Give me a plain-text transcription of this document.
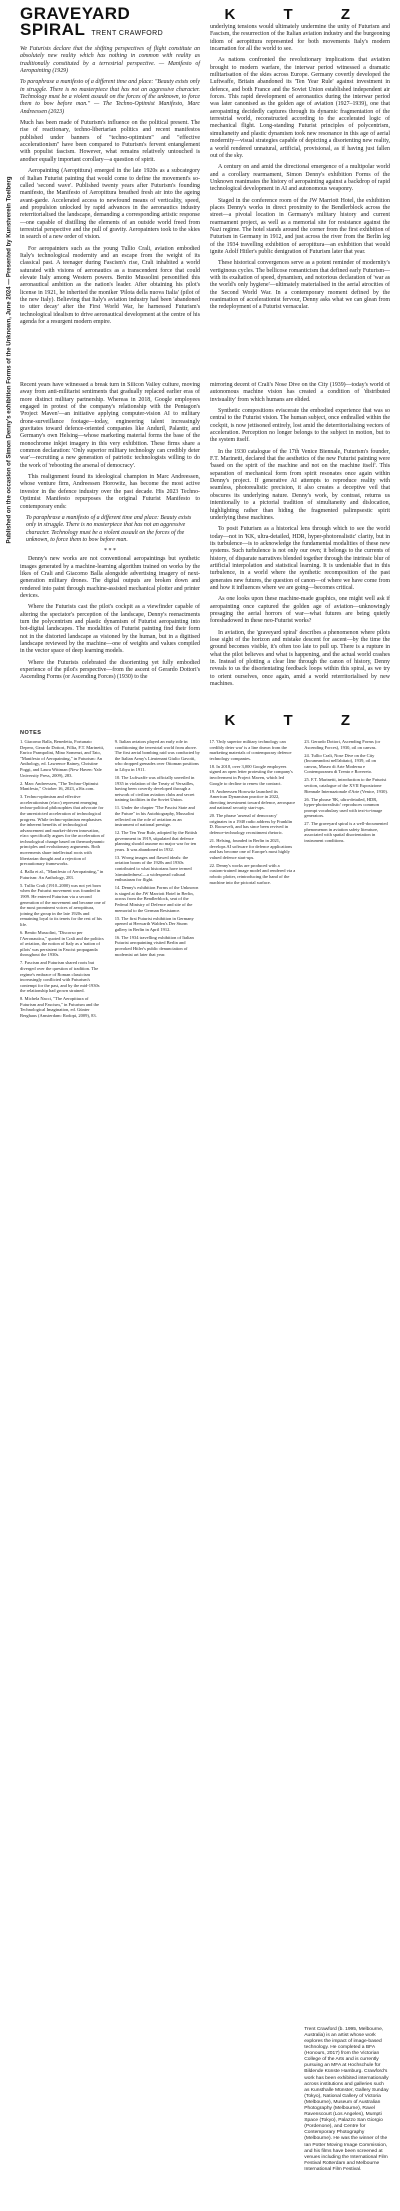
Published on the occasion of Simon Denny's exhibition Forms of the Unknown, June 2024 — Presented by Kunstverein Toelberg
K T Z
GRAVEYARD
SPIRAL TRENT CRAWFORD

We Futurists declare that the shifting perspectives of flight constitute an absolutely new reality which has nothing in common with reality as traditionally constituted by a terrestrial perspective. — Manifesto of Aeropainting (1929)

To paraphrase a manifesto of a different time and place: "Beauty exists only in struggle. There is no masterpiece that has not an aggressive character. Technology must be a violent assault on the forces of the unknown, to force them to bow before man." — The Techno-Optimist Manifesto, Marc Andreessen (2023)

Much has been made of Futurism's influence on the political present. The rise of reactionary, techno-libertarian politics and recent manifestos published under banners of "techno-optimism" and "effective accelerationism" have been compared to Futurism's fervent entanglement with populist fascism. However, what remains relatively untouched is another equally important corollary—a question of spirit.

Aeropainting (Aeropittura) emerged in the late 1920s as a subcategory of Italian Futurist painting that would come to define the movement's so-called 'second wave'. Published twenty years after Futurism's founding manifesto, the Manifesto of Aeropittura breathed fresh air into the ageing avant-garde. Accelerated access to newfound means of verticality, speed, and propulsion unlocked by rapid advances in the aeronautics industry reterritorialised the landscape, demanding a corresponding artistic response—one capable of distilling the elements of an outside world freed from terrestrial perspective and the pull of gravity. Aeropainters took to the skies in search of a new order of vision.

For aeropainters such as the young Tullio Crali, aviation embodied Italy's technological modernity and an escape from the weight of its classical past. A teenager during Fascism's rise, Crali inhabited a world saturated with visions of aeronautics as a transcendent force that could elevate Italy among Western powers. Benito Mussolini personified this aeronautical ambition as the nation's leader. After obtaining his pilot's license in 1921, he inherited the moniker 'Pilota della nuova Italia' (pilot of the new Italy). Believing that Italy's aviation industry had been 'abandoned to utter decay' after the First World War, he harnessed Futurism's technological idealism to drive aeronautical development at the centre of his agenda for a resurgent modern empire.

underlying tensions would ultimately undermine the unity of Futurism and Fascism, the resurrection of the Italian aviation industry and the burgeoning idiom of aeropittura represented for both movements Italy's modern incarnation for all the world to see.

As nations confronted the revolutionary implications that aviation brought to modern warfare, the interwar period witnessed a dramatic militarisation of the skies across Europe. Germany covertly developed the Luftwaffe, Britain abandoned its 'Ten Year Rule' against investment in defence, and both France and the Soviet Union established independent air forces. This rapid development of aeronautics during the interwar period was later canonised as the golden age of aviation (1927–1939), one that aeropainting decidedly captures through its dynamic fragmentation of the terrestrial world, reconstructed according to the accelerated logic of mechanical flight. Long-standing Futurist principles of polycentrism, simultaneity and plastic dynamism took new resonance in this age of aerial modernity—visual strategies capable of depicting a disorienting new reality, a world rendered unnatural, artificial, provisional, as if having just fallen out of the sky.

A century on and amid the directional emergence of a multipolar world and a corollary rearmament, Simon Denny's exhibition Forms of the Unknown reanimates the history of aeropainting against a backdrop of rapid technological development in AI and autonomous weaponry.

Staged in the conference room of the JW Marriott Hotel, the exhibition places Denny's works in direct proximity to the Bendlerblock across the street—a pivotal location in Germany's military history and current rearmament project, as well as a memorial site for resistance against the Nazi regime. The hotel stands around the corner from the first exhibition of Futurism in Germany in 1912, and just across the river from the Berlin leg of the 1934 travelling exhibition of aeropittura—an exhibition that would ignite Adolf Hitler's public denigration of Futurism later that year.

These historical convergences serve as a potent reminder of modernity's vertiginous cycles. The bellicose romanticism that defined early Futurism—with its exaltation of speed, dynamism, and notorious declaration of 'war as the world's only hygiene'—ultimately materialised in the aerial atrocities of the Second World War. In a contemporary moment defined by the reanimation of accelerationist fervour, Denny asks what we can glean from the redeployment of a Futurist vernacular.

Recent years have witnessed a break turn in Silicon Valley culture, moving away from anti-militarist sentiments that gradually replaced earlier eras of more distinct military partnership. Whereas in 2018, Google employees engaged in protest of the company's relationship with the Pentagon's 'Project Maven'—an initiative applying computer-vision AI to military drone-surveillance footage—today, engineering talent increasingly gravitates toward defence-oriented companies like Anduril, Palantir, and Germany's own Helsing—whose marketing material forms the base of the monochrome inkjet imagery in this very exhibition. These firms share a common declaration: 'Only superior military technology can credibly deter war'—recruiting a new generation of patriotic technologists willing to do the work of 'rebooting the arsenal of democracy'.

This realignment found its ideological champion in Marc Andreessen, whose venture firm, Andreessen Horowitz, has become the most active investor in the defence industry over the past decade. His 2023 Techno-Optimist Manifesto repurposes the original Futurist Manifesto to contemporary ends:

To paraphrase a manifesto of a different time and place: Beauty exists only in struggle. There is no masterpiece that has not an aggressive character. Technology must be a violent assault on the forces of the unknown, to force them to bow before man.
* * *

Denny's new works are not conventional aeropaintings but synthetic images generated by a machine-learning algorithm trained on works by the likes of Crali and Giacomo Balla alongside advertising imagery of next-generation military drones. The digital outputs are broken down and rendered into paint through machine-assisted mechanical plotter and printer devices.

Where the Futurists cast the pilot's cockpit as a viewfinder capable of altering the spectator's perception of the landscape, Denny's reenactments turn the polycentrism and plastic dynamism of Futurist aeropainting into bot-digital landscapes. The modalities of Futurist painting find their form not in the distorted landscape as visioned by the human, but in a digitised landscape reviewed by the machine—one of weights and values compiled in the vector space of deep learning models.

Where the Futurists celebrated the disorienting yet fully embodied experience of the pilot's perspective—from the ascent of Gerardo Dottori's Ascending Forms (or Ascending Forces) (1930) to the

mirroring decent of Crali's Nose Dive on the City (1939)—today's world of autonomous machine vision has created a condition of 'distributed invisuality' from which humans are elided.

Synthetic compositions eviscerate the embodied experience that was so central to the Futurist vision. The human subject, once enthralled within the cockpit, is now jettisoned entirely, lost amid the deterritorialising vectors of acceleration. Perception no longer belongs to the subject in motion, but to the system itself.

In the 1930 catalogue of the 17th Venice Biennale, Futurism's founder, F.T. Marinetti, declared that the aesthetics of the new Futurist painting were 'based on the spirit of the machine and not on the machine itself'. This separation of mechanical form from spirit resonates once again within Denny's project. If generative AI attempts to reproduce reality with seamless, photorealistic precision, it also creates a deceptive veil that obscures its underlying nature. Denny's work, by contrast, returns us intentionally to a pictorial tradition of simultaneity and dislocation, highlighting rather than hiding the fragmented palimpsestic spirit underlying these machines.

To posit Futurism as a historical lens through which to see the world today—not in 'KK, ultra-detailed, HDR, hyper-photorealistic' clarity, but in its turbulence—is to acknowledge the fundamental modalities of these new systems. Such turbulence is not only our own; it belongs to the currents of history, of disparate narratives blended together through the intrinsic blur of artificial interpolation and statistical learning. It is undeniable that in this turbulence, in a world where the synthetic recomposition of the past generates new futures, the question of canon—of where we have come from and how it influences where we are going—becomes critical.

As one looks upon these machine-made graphics, one might well ask if aeropainting once captured the golden age of aviation—unknowingly presaging the aerial horrors of war—what futures are being quietly foreshadowed in these neo-Futurist works?

In aviation, the 'graveyard spiral' describes a phenomenon where pilots lose sight of the horizon and mistake descent for ascent—by the time the ground becomes visible, it's often too late to pull up. There is a rupture in what the pilot believes and what is happening, and the actual world crashes in. Instead of plotting a clear line through the canon of history, Denny reveals to us the disorientating feedback loops within this spiral, as we try to orient ourselves, once again, amid a world reterritorialised by new machines.

K T Z
NOTES

1. Giacomo Balla, Benedetta, Fortunato Depero, Gerardo Dottori, Fillia, F.T. Marinetti, Enrico Prampolini, Mino Somenzi, and Tato, "Manifesto of Aeropainting," in Futurism: An Anthology, ed. Lawrence Rainey, Christine Poggi, and Laura Wittman (New Haven: Yale University Press, 2009), 283.

2. Marc Andreessen, "The Techno-Optimist Manifesto," October 16, 2023, a16z.com.

3. Techno-optimism and effective accelerationism (e/acc) represent emerging techno-political philosophies that advocate for the unrestricted acceleration of technological progress. While techno-optimism emphasises the inherent benefits of technological advancement and market-driven innovation, e/acc specifically argues for the acceleration of technological change based on thermodynamic principles and evolutionary arguments. Both movements share intellectual roots with libertarian thought and a rejection of precautionary frameworks.

4. Balla et al., "Manifesto of Aeropainting," in Futurism: An Anthology, 283.

5. Tullio Crali (1910–2000) was not yet born when the Futurist movement was founded in 1909. He entered Futurism via a second generation of the movement and became one of the most prominent voices of aeropittura, joining the group in the late 1920s and remaining loyal to its tenets for the rest of his life.

6. Benito Mussolini, "Discorso per l'Aeronautica," quoted in Crali and the politics of aviation, the notion of Italy as a 'nation of pilots' was persistent in Fascist propaganda throughout the 1930s.

7. Fascism and Futurism shared roots but diverged over the question of tradition. The regime's embrace of Roman classicism increasingly conflicted with Futurism's contempt for the past, and by the mid-1930s the relationship had grown strained.

8. Michela Nacci, "The Aeropittura of Futurism and Fascism," in Futurism and the Technological Imagination, ed. Günter Berghaus (Amsterdam: Rodopi, 2009), 83.

9. Italian aviators played an early role in conditioning the terrestrial world from above. The first aerial bombing raid was conducted by the Italian Army's Lieutenant Giulio Gavotti, who dropped grenades over Ottoman positions in Libya in 1911.

10. The Luftwaffe was officially unveiled in 1935 in violation of the Treaty of Versailles, having been covertly developed through a network of civilian aviation clubs and secret training facilities in the Soviet Union.

11. Under the chapter "The Fascist State and the Future" in his Autobiography, Mussolini reflected on the role of aviation as an instrument of national prestige.

12. The Ten Year Rule, adopted by the British government in 1919, stipulated that defence planning should assume no major war for ten years. It was abandoned in 1932.

13. Wrong images and flawed ideals: the aviation boom of the 1920s and 1930s contributed to what historians have termed 'airmindedness'—a widespread cultural enthusiasm for flight.

14. Denny's exhibition Forms of the Unknown is staged at the JW Marriott Hotel in Berlin, across from the Bendlerblock, seat of the Federal Ministry of Defence and site of the memorial to the German Resistance.

15. The first Futurist exhibition in Germany opened at Herwarth Walden's Der Sturm gallery in Berlin in April 1912.

16. The 1934 travelling exhibition of Italian Futurist aeropainting visited Berlin and provoked Hitler's public denunciation of modernist art later that year.

17. 'Only superior military technology can credibly deter war' is a line drawn from the marketing materials of contemporary defence technology companies.

18. In 2018, over 3,000 Google employees signed an open letter protesting the company's involvement in Project Maven, which led Google to decline to renew the contract.

19. Andreessen Horowitz launched its American Dynamism practice in 2022, directing investment toward defence, aerospace and national security start-ups.

20. The phrase 'arsenal of democracy' originates in a 1940 radio address by Franklin D. Roosevelt, and has since been revived in defence-technology recruitment rhetoric.

21. Helsing, founded in Berlin in 2021, develops AI software for defence applications and has become one of Europe's most highly valued defence start-ups.

22. Denny's works are produced with a custom-trained image model and rendered via a robotic plotter, reintroducing the hand of the machine into the pictorial surface.

23. Gerardo Dottori, Ascending Forms (or Ascending Forces), 1930, oil on canvas.

24. Tullio Crali, Nose Dive on the City (Incuneandosi nell'abitato), 1939, oil on canvas, Museo di Arte Moderna e Contemporanea di Trento e Rovereto.

25. F.T. Marinetti, introduction to the Futurist section, catalogue of the XVII Esposizione Biennale Internazionale d'Arte (Venice, 1930).

26. The phrase '8K, ultra-detailed, HDR, hyper-photorealistic' reproduces common prompt vocabulary used with text-to-image generators.

27. The graveyard spiral is a well-documented phenomenon in aviation safety literature, associated with spatial disorientation in instrument conditions.

Trent Crawford (b. 1995, Melbourne, Australia) is an artist whose work explores the impact of image-based technology. He completed a BFA (Honours, 2017) from the Victorian College of the Arts and is currently pursuing an MFA at Hochschule für Bildende Künste Hamburg. Crawford's work has been exhibited internationally across institutions and galleries such as Kunsthalle Münster, Gallery Sunday (Tokyo), National Gallery of Victoria (Melbourne), Museum of Australian Photography (Melbourne), Ravel Ravenscourt (Los Angeles), Mumpti Space (Tokyo), Palazzo San Giorgio (Pordenone), and Centre for Contemporary Photography (Melbourne). He was the winner of the Ian Potter Moving Image Commission, and his films have been screened at venues including the International Film Festival Rotterdam and Melbourne International Film Festival.
